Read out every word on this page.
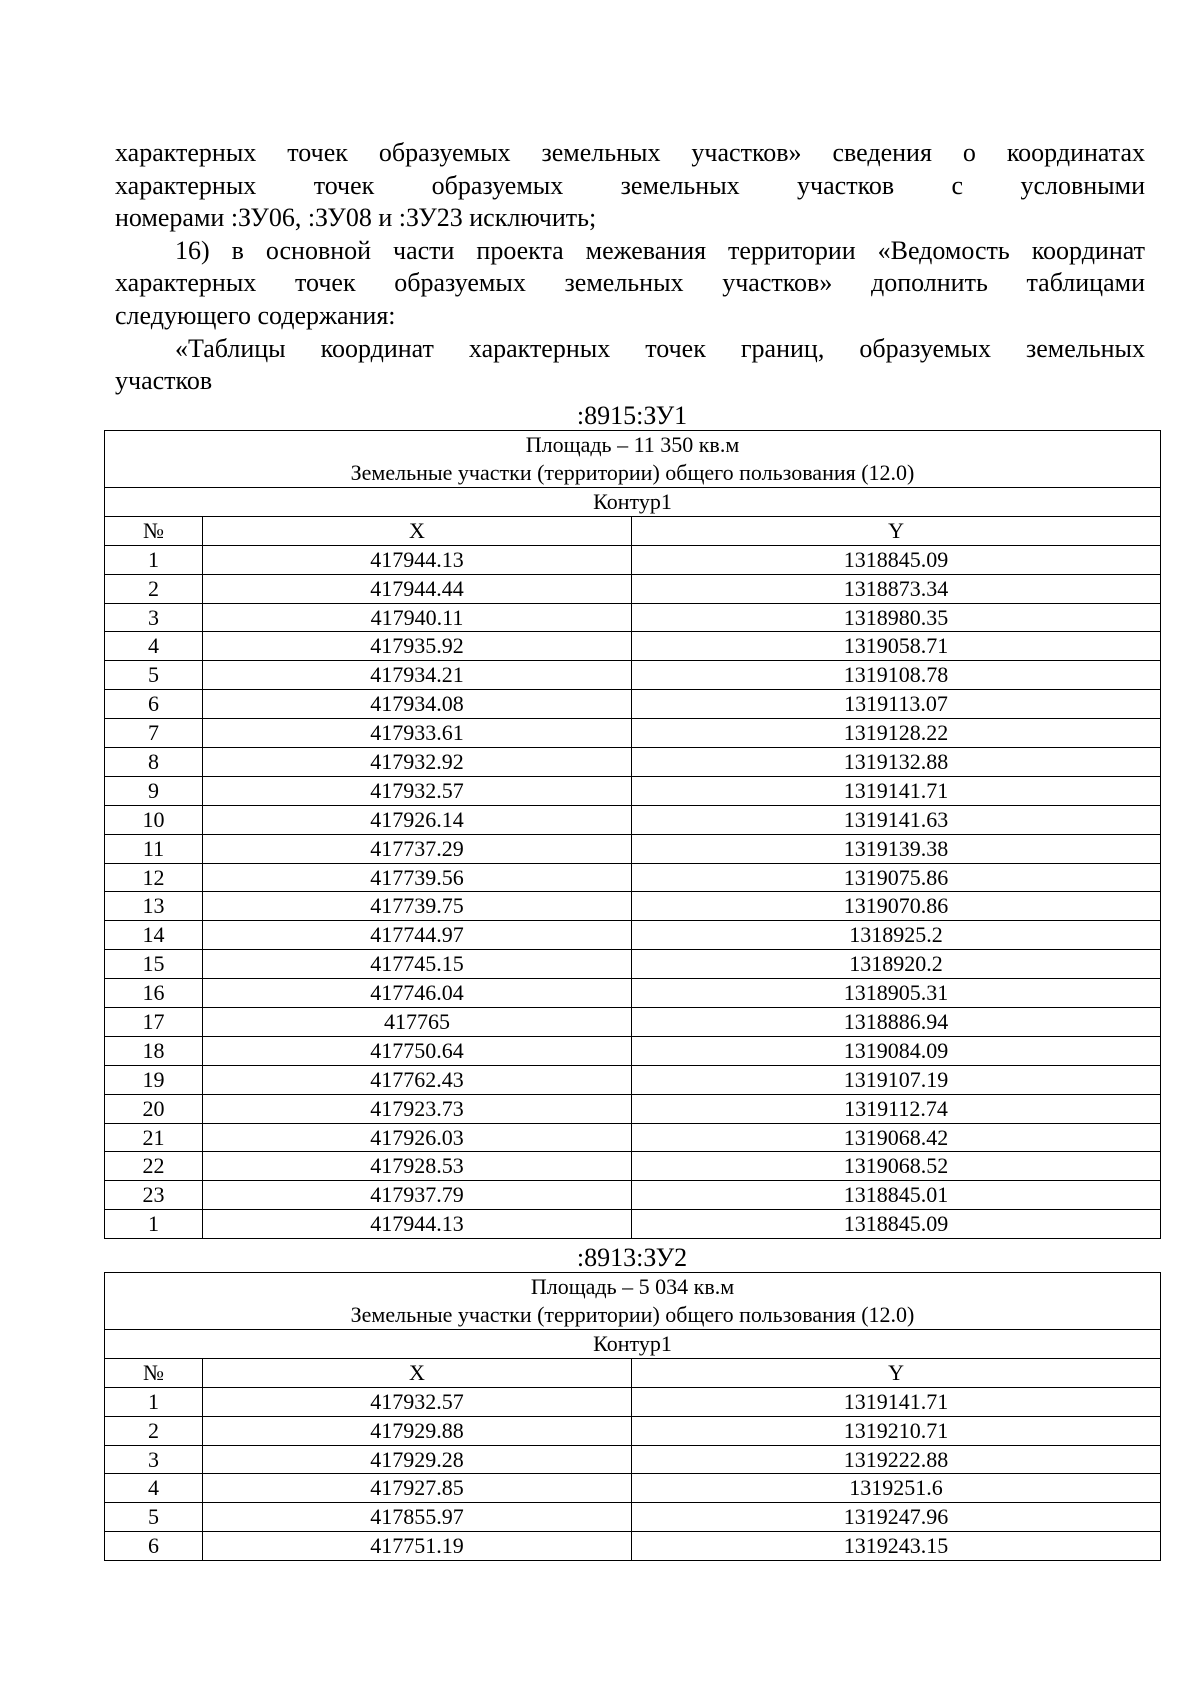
характерных точек образуемых земельных участков» сведения о координатах
характерных точек образуемых земельных участков с условными
номерами :ЗУ06, :ЗУ08 и :ЗУ23 исключить;
16) в основной части проекта межевания территории «Ведомость координат
характерных точек образуемых земельных участков» дополнить таблицами
следующего содержания:
«Таблицы координат характерных точек границ, образуемых земельных
участков
:8915:ЗУ1
Площадь – 11 350 кв.м
Земельные участки (территории) общего пользования (12.0)		

Контур1		
№	X	Y
1	417944.13	1318845.09
2	417944.44	1318873.34
3	417940.11	1318980.35
4	417935.92	1319058.71
5	417934.21	1319108.78
6	417934.08	1319113.07
7	417933.61	1319128.22
8	417932.92	1319132.88
9	417932.57	1319141.71
10	417926.14	1319141.63
11	417737.29	1319139.38
12	417739.56	1319075.86
13	417739.75	1319070.86
14	417744.97	1318925.2
15	417745.15	1318920.2
16	417746.04	1318905.31
17	417765	1318886.94
18	417750.64	1319084.09
19	417762.43	1319107.19
20	417923.73	1319112.74
21	417926.03	1319068.42
22	417928.53	1319068.52
23	417937.79	1318845.01
1	417944.13	1318845.09
:8913:ЗУ2
Площадь – 5 034 кв.м
Земельные участки (территории) общего пользования (12.0)		

Контур1		
№	X	Y
1	417932.57	1319141.71
2	417929.88	1319210.71
3	417929.28	1319222.88
4	417927.85	1319251.6
5	417855.97	1319247.96
6	417751.19	1319243.15
